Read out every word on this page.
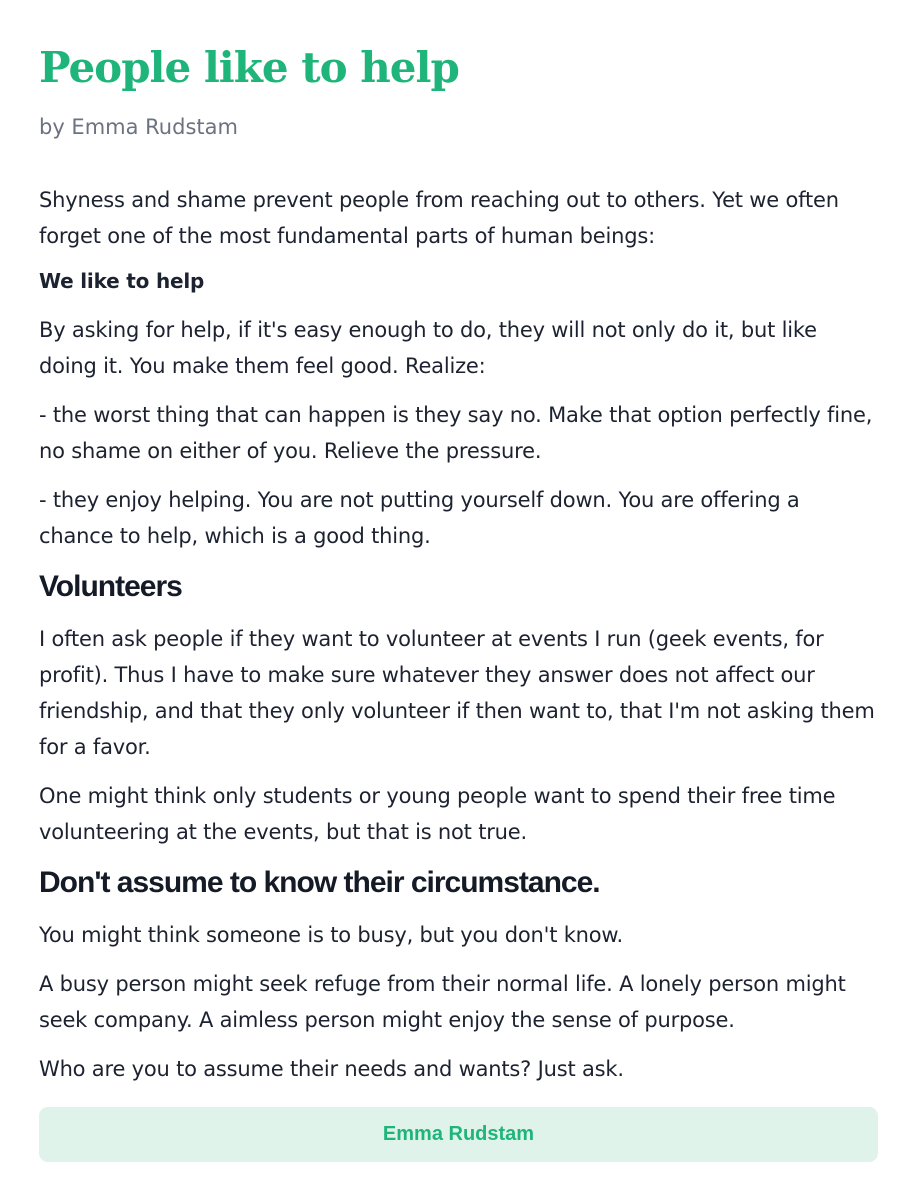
People like to help
by Emma Rudstam

Shyness and shame prevent people from reaching out to others. Yet we often forget one of the most fundamental parts of human beings:

We like to help

By asking for help, if it's easy enough to do, they will not only do it, but like doing it. You make them feel good. Realize:

- the worst thing that can happen is they say no. Make that option perfectly fine, no shame on either of you. Relieve the pressure.

- they enjoy helping. You are not putting yourself down. You are offering a chance to help, which is a good thing.

Volunteers

I often ask people if they want to volunteer at events I run (geek events, for profit). Thus I have to make sure whatever they answer does not affect our friendship, and that they only volunteer if then want to, that I'm not asking them for a favor.

One might think only students or young people want to spend their free time volunteering at the events, but that is not true.

Don't assume to know their circumstance.

You might think someone is to busy, but you don't know.

A busy person might seek refuge from their normal life. A lonely person might seek company. A aimless person might enjoy the sense of purpose.

Who are you to assume their needs and wants? Just ask.

Emma Rudstam
